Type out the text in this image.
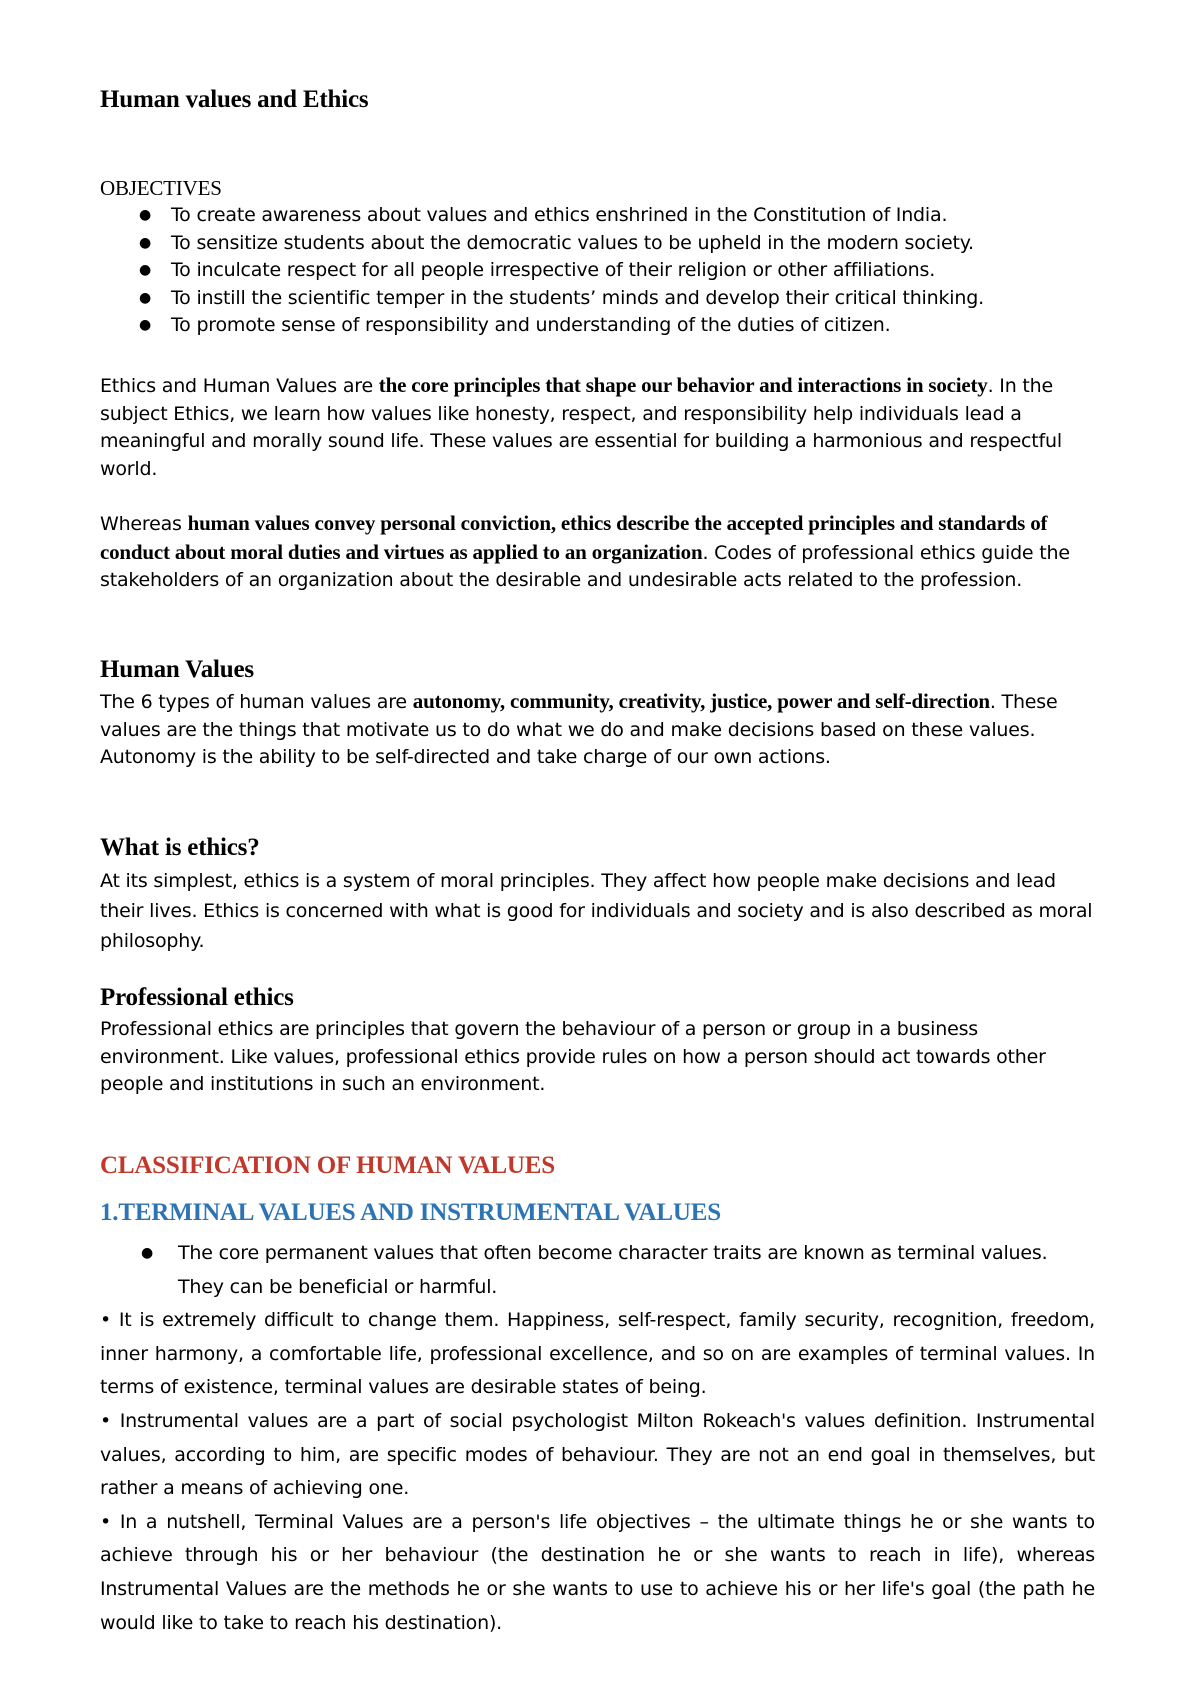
Human values and Ethics
OBJECTIVES
● To create awareness about values and ethics enshrined in the Constitution of India.
● To sensitize students about the democratic values to be upheld in the modern society.
● To inculcate respect for all people irrespective of their religion or other affiliations.
● To instill the scientific temper in the students’ minds and develop their critical thinking.
● To promote sense of responsibility and understanding of the duties of citizen.

Ethics and Human Values are the core principles that shape our behavior and interactions in society. In the subject Ethics, we learn how values like honesty, respect, and responsibility help individuals lead a meaningful and morally sound life. These values are essential for building a harmonious and respectful world.

Whereas human values convey personal conviction, ethics describe the accepted principles and standards of conduct about moral duties and virtues as applied to an organization. Codes of professional ethics guide the stakeholders of an organization about the desirable and undesirable acts related to the profession.

Human Values

The 6 types of human values are autonomy, community, creativity, justice, power and self-direction. These values are the things that motivate us to do what we do and make decisions based on these values. Autonomy is the ability to be self-directed and take charge of our own actions.

What is ethics?

At its simplest, ethics is a system of moral principles. They affect how people make decisions and lead their lives. Ethics is concerned with what is good for individuals and society and is also described as moral philosophy.

Professional ethics

Professional ethics are principles that govern the behaviour of a person or group in a business environment. Like values, professional ethics provide rules on how a person should act towards other people and institutions in such an environment.

CLASSIFICATION OF HUMAN VALUES
1.TERMINAL VALUES AND INSTRUMENTAL VALUES

● The core permanent values that often become character traits are known as terminal values. They can be beneficial or harmful.

• It is extremely difficult to change them. Happiness, self-respect, family security, recognition, freedom, inner harmony, a comfortable life, professional excellence, and so on are examples of terminal values. In terms of existence, terminal values are desirable states of being.

• Instrumental values are a part of social psychologist Milton Rokeach's values definition. Instrumental values, according to him, are specific modes of behaviour. They are not an end goal in themselves, but rather a means of achieving one.

• In a nutshell, Terminal Values are a person's life objectives – the ultimate things he or she wants to achieve through his or her behaviour (the destination he or she wants to reach in life), whereas Instrumental Values are the methods he or she wants to use to achieve his or her life's goal (the path he would like to take to reach his destination).
